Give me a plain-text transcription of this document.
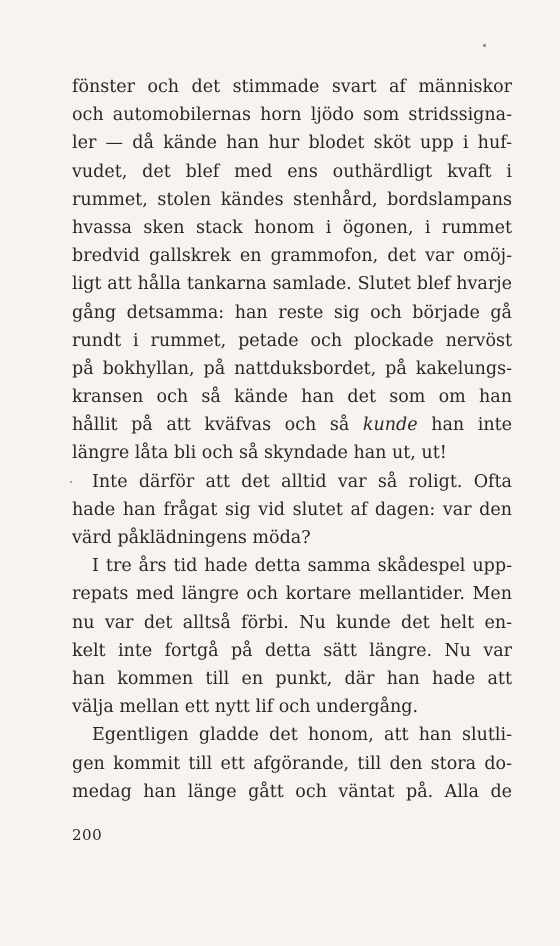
fönster och det stimmade svart af människor
och automobilernas horn ljödo som stridssigna-
ler — då kände han hur blodet sköt upp i huf-
vudet, det blef med ens outhärdligt kvaft i
rummet, stolen kändes stenhård, bordslampans
hvassa sken stack honom i ögonen, i rummet
bredvid gallskrek en grammofon, det var omöj-
ligt att hålla tankarna samlade. Slutet blef hvarje
gång detsamma: han reste sig och började gå
rundt i rummet, petade och plockade nervöst
på bokhyllan, på nattduksbordet, på kakelungs-
kransen och så kände han det som om han
hållit på att kväfvas och så kunde han inte
längre låta bli och så skyndade han ut, ut!
Inte därför att det alltid var så roligt. Ofta
hade han frågat sig vid slutet af dagen: var den
värd påklädningens möda?
I tre års tid hade detta samma skådespel upp-
repats med längre och kortare mellantider. Men
nu var det alltså förbi. Nu kunde det helt en-
kelt inte fortgå på detta sätt längre. Nu var
han kommen till en punkt, där han hade att
välja mellan ett nytt lif och undergång.
Egentligen gladde det honom, att han slutli-
gen kommit till ett afgörande, till den stora do-
medag han länge gått och väntat på. Alla de
200
